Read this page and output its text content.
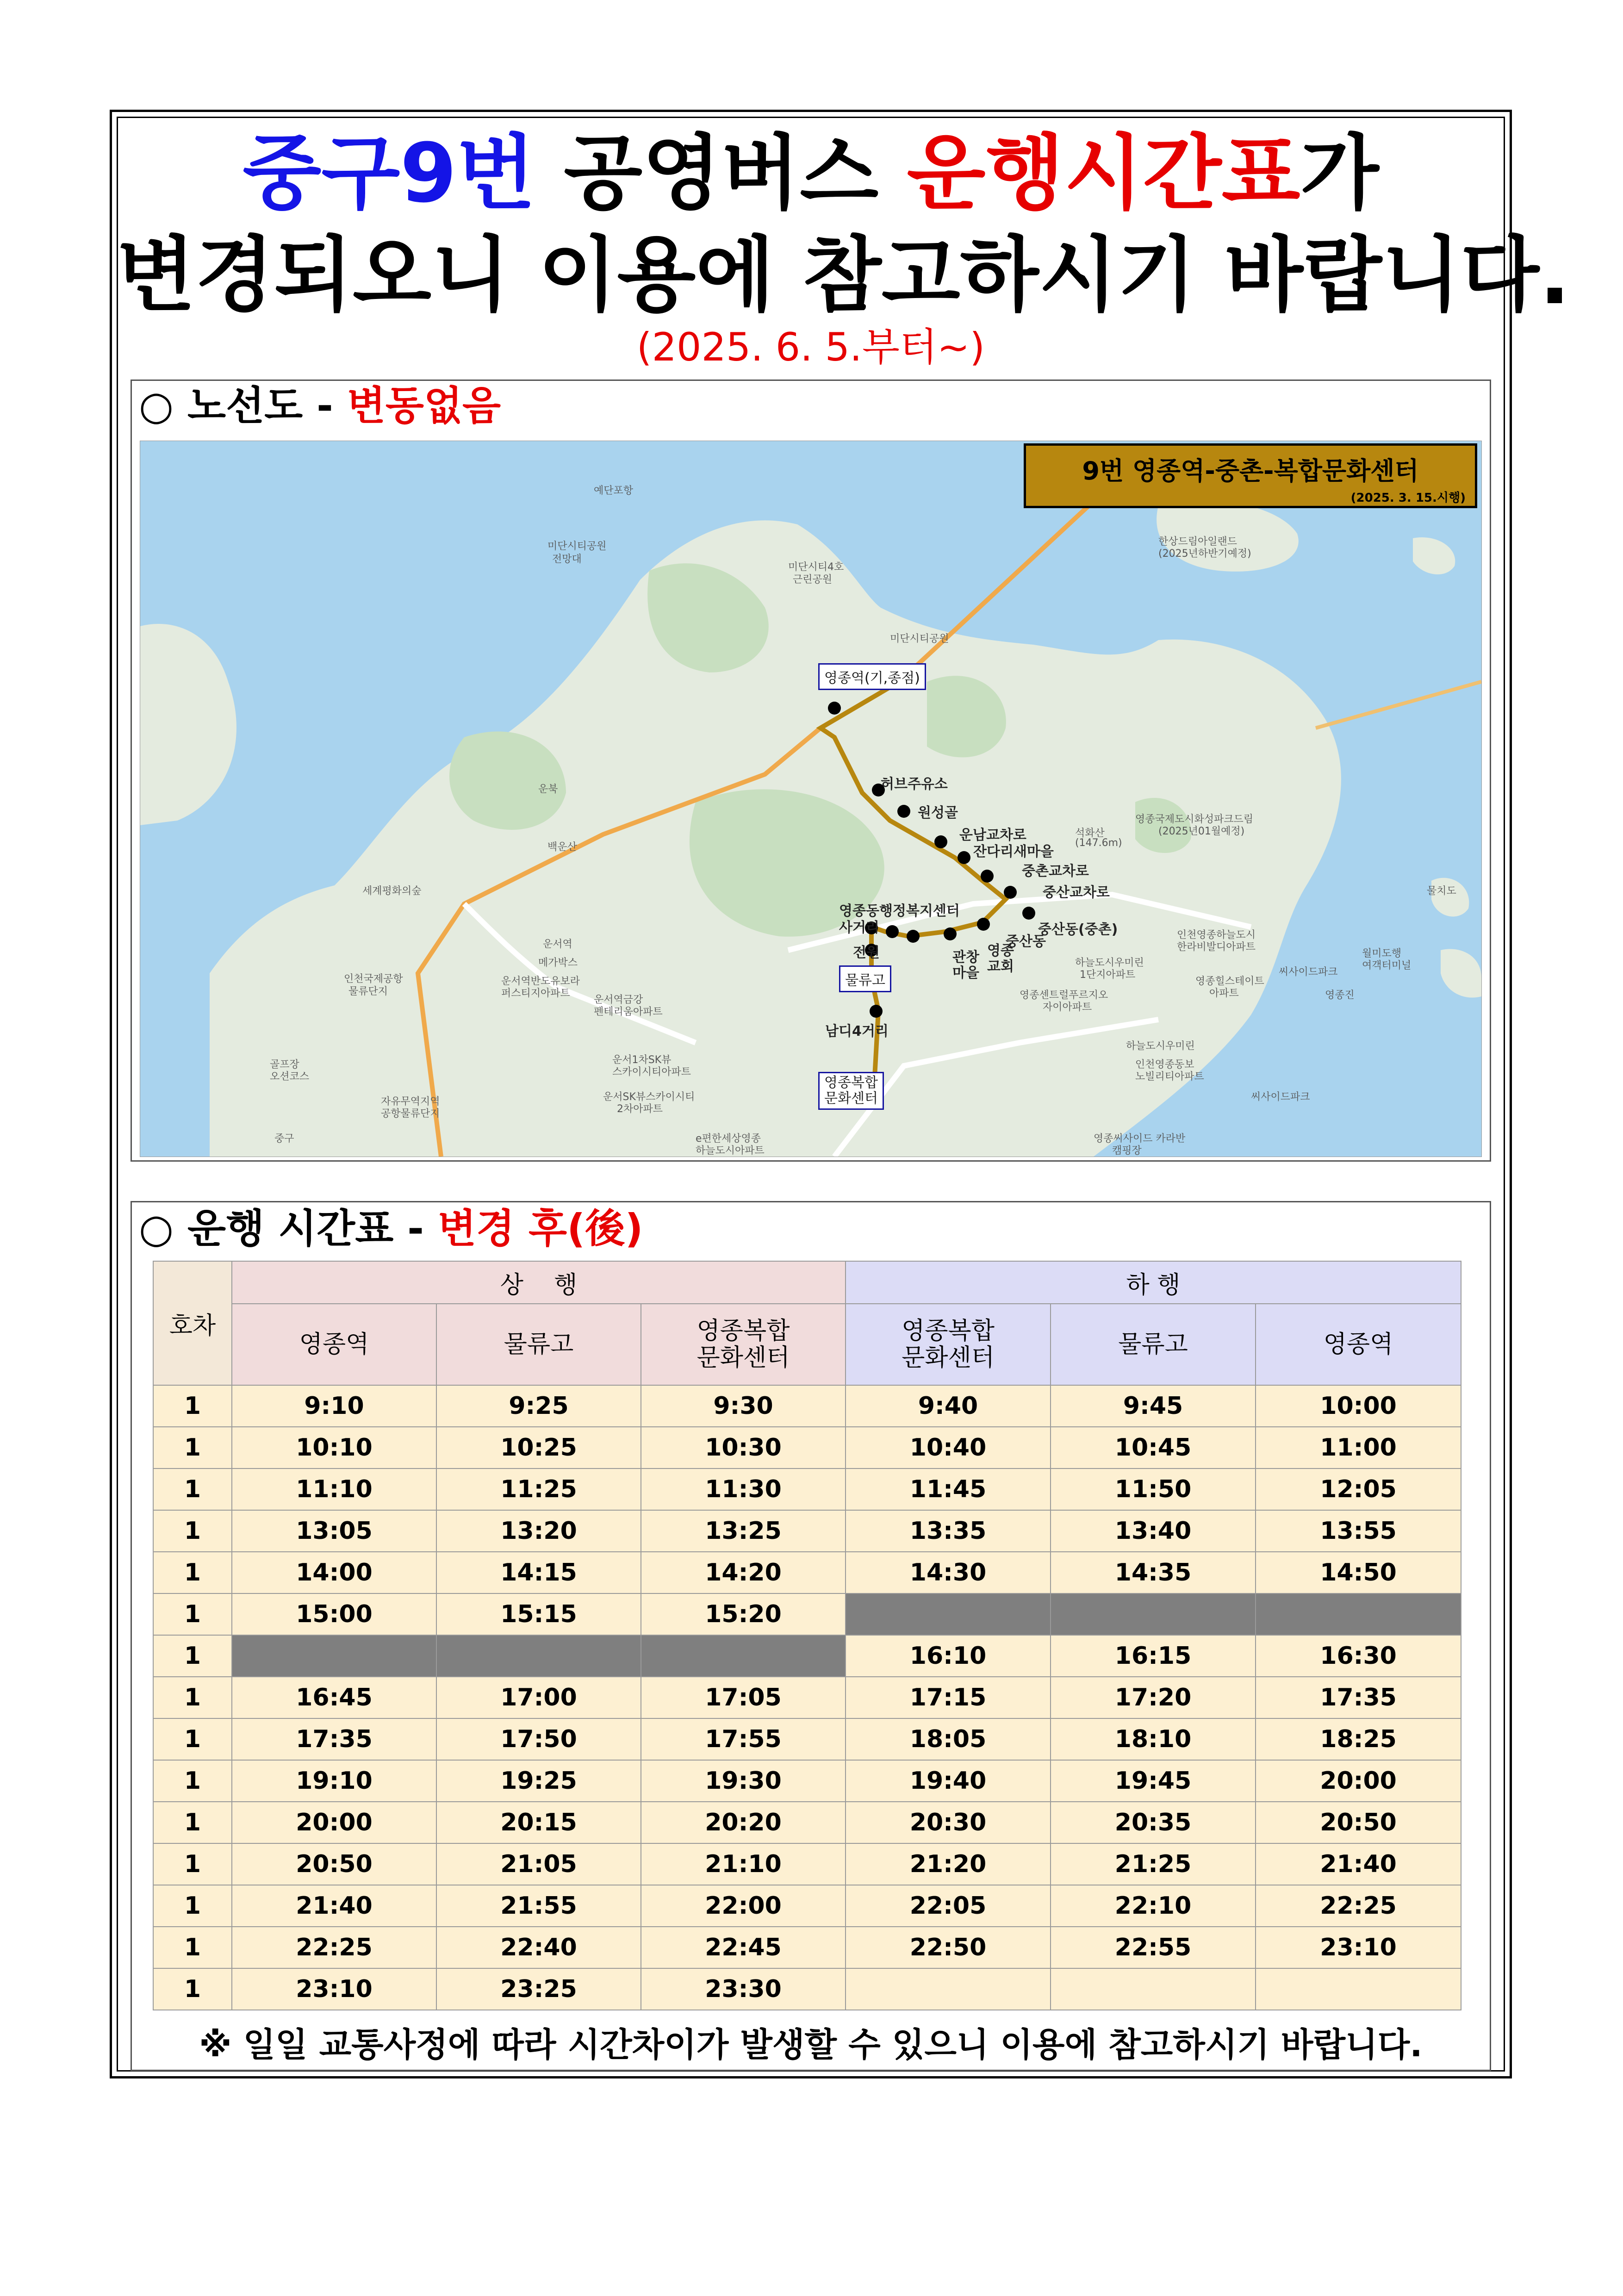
중구9번 공영버스 운행시간표가
변경되오니 이용에 참고하시기 바랍니다.
(2025. 6. 5.부터~)
○ 노선도 - 변동없음
영종역(기,종점)
물류고
영종복합
문화센터
허브주유소
원성골
운남교차로
잔다리새마을
중촌교차로
중산교차로
중산동(중촌)
영종동행정복지센터
사거리
관창
마을
영종
교회
중산동
남디4거리
전원
예단포항
미단시티공원
전망대
미단시티4호
근린공원
미단시티공원
한상드림아일랜드
(2025년하반기예정)
백운산
운서역
메가박스
인천국제공항
물류단지
골프장
오션코스
자유무역지역
공항물류단지
중구
세계평화의숲
운북
영종진
씨사이드파크
하늘도시우미린
인천영종동보
노빌리티아파트
e편한세상영종
하늘도시아파트
영종국제도시화성파크드림
(2025년01월예정)
석화산
(147.6m)
물치도
월미도행
여객터미널
영종센트럴푸르지오
자이아파트
하늘도시우미린
1단지아파트
인천영종하늘도시
한라비발디아파트
영종힐스테이트
아파트
운서역반도유보라
퍼스티지아파트
운서역금강
펜테리움아파트
운서1차SK뷰
스카이시티아파트
운서SK뷰스카이시티
2차아파트
씨사이드파크
영종씨사이드 카라반
캠핑장
9번 영종역-중촌-복합문화센터
(2025. 3. 15.시행)
○ 운행 시간표 - 변경 후(後)
호차	상    행			하 행		
	영종역	물류고	영종복합
문화센터	영종복합
문화센터	물류고	영종역
1	9:10	9:25	9:30	9:40	9:45	10:00
1	10:10	10:25	10:30	10:40	10:45	11:00
1	11:10	11:25	11:30	11:45	11:50	12:05
1	13:05	13:20	13:25	13:35	13:40	13:55
1	14:00	14:15	14:20	14:30	14:35	14:50
1	15:00	15:15	15:20			
1				16:10	16:15	16:30
1	16:45	17:00	17:05	17:15	17:20	17:35
1	17:35	17:50	17:55	18:05	18:10	18:25
1	19:10	19:25	19:30	19:40	19:45	20:00
1	20:00	20:15	20:20	20:30	20:35	20:50
1	20:50	21:05	21:10	21:20	21:25	21:40
1	21:40	21:55	22:00	22:05	22:10	22:25
1	22:25	22:40	22:45	22:50	22:55	23:10
1	23:10	23:25	23:30			
※ 일일 교통사정에 따라 시간차이가 발생할 수 있으니 이용에 참고하시기 바랍니다.
